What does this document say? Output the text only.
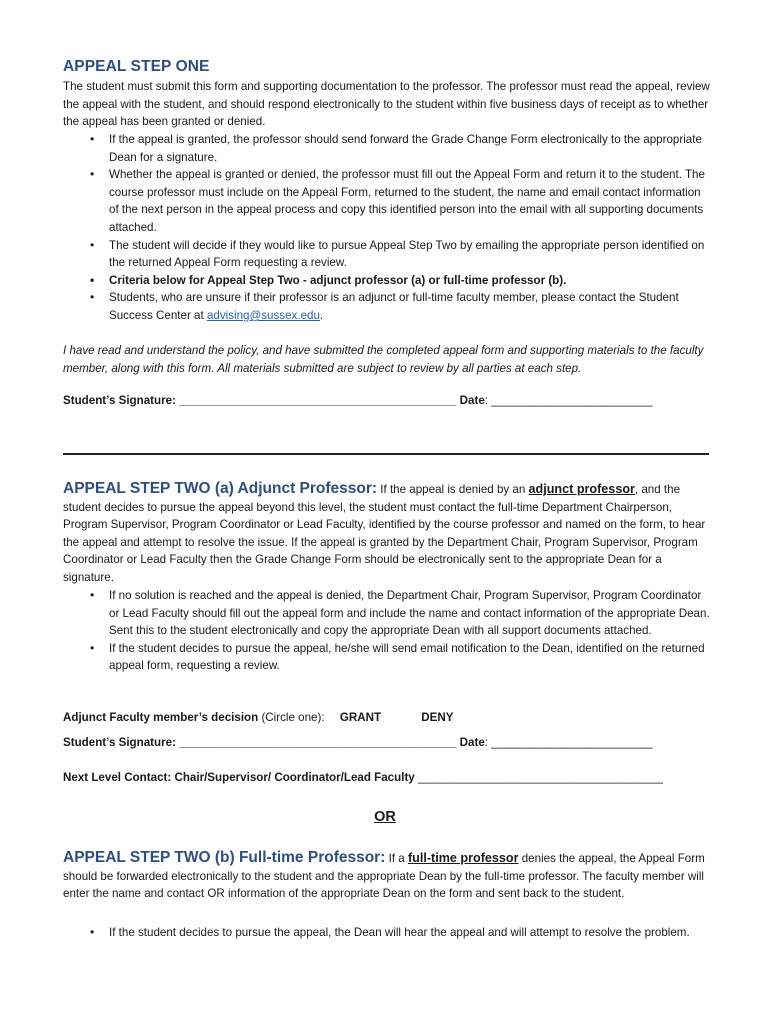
APPEAL STEP ONE
The student must submit this form and supporting documentation to the professor. The professor must read the appeal, review the appeal with the student, and should respond electronically to the student within five business days of receipt as to whether the appeal has been granted or denied.
• If the appeal is granted, the professor should send forward the Grade Change Form electronically to the appropriate Dean for a signature.
• Whether the appeal is granted or denied, the professor must fill out the Appeal Form and return it to the student. The course professor must include on the Appeal Form, returned to the student, the name and email contact information of the next person in the appeal process and copy this identified person into the email with all supporting documents attached.
• The student will decide if they would like to pursue Appeal Step Two by emailing the appropriate person identified on the returned Appeal Form requesting a review.
• Criteria below for Appeal Step Two - adjunct professor (a) or full-time professor (b).
• Students, who are unsure if their professor is an adjunct or full-time faculty member, please contact the Student Success Center at advising@sussex.edu.
I have read and understand the policy, and have submitted the completed appeal form and supporting materials to the faculty member, along with this form. All materials submitted are subject to review by all parties at each step.
Student’s Signature: ___________________________________________ Date: _________________________
APPEAL STEP TWO (a) Adjunct Professor: If the appeal is denied by an adjunct professor, and the student decides to pursue the appeal beyond this level, the student must contact the full-time Department Chairperson, Program Supervisor, Program Coordinator or Lead Faculty, identified by the course professor and named on the form, to hear the appeal and attempt to resolve the issue. If the appeal is granted by the Department Chair, Program Supervisor, Program Coordinator or Lead Faculty then the Grade Change Form should be electronically sent to the appropriate Dean for a signature.
• If no solution is reached and the appeal is denied, the Department Chair, Program Supervisor, Program Coordinator or Lead Faculty should fill out the appeal form and include the name and contact information of the appropriate Dean. Sent this to the student electronically and copy the appropriate Dean with all support documents attached.
• If the student decides to pursue the appeal, he/she will send email notification to the Dean, identified on the returned appeal form, requesting a review.
Adjunct Faculty member’s decision (Circle one): GRANT	DENY
Student’s Signature: ___________________________________________ Date: _________________________
Next Level Contact: Chair/Supervisor/ Coordinator/Lead Faculty ______________________________________
OR
APPEAL STEP TWO (b) Full-time Professor: If a full-time professor denies the appeal, the Appeal Form should be forwarded electronically to the student and the appropriate Dean by the full-time professor. The faculty member will enter the name and contact OR information of the appropriate Dean on the form and sent back to the student.
• If the student decides to pursue the appeal, the Dean will hear the appeal and will attempt to resolve the problem.
